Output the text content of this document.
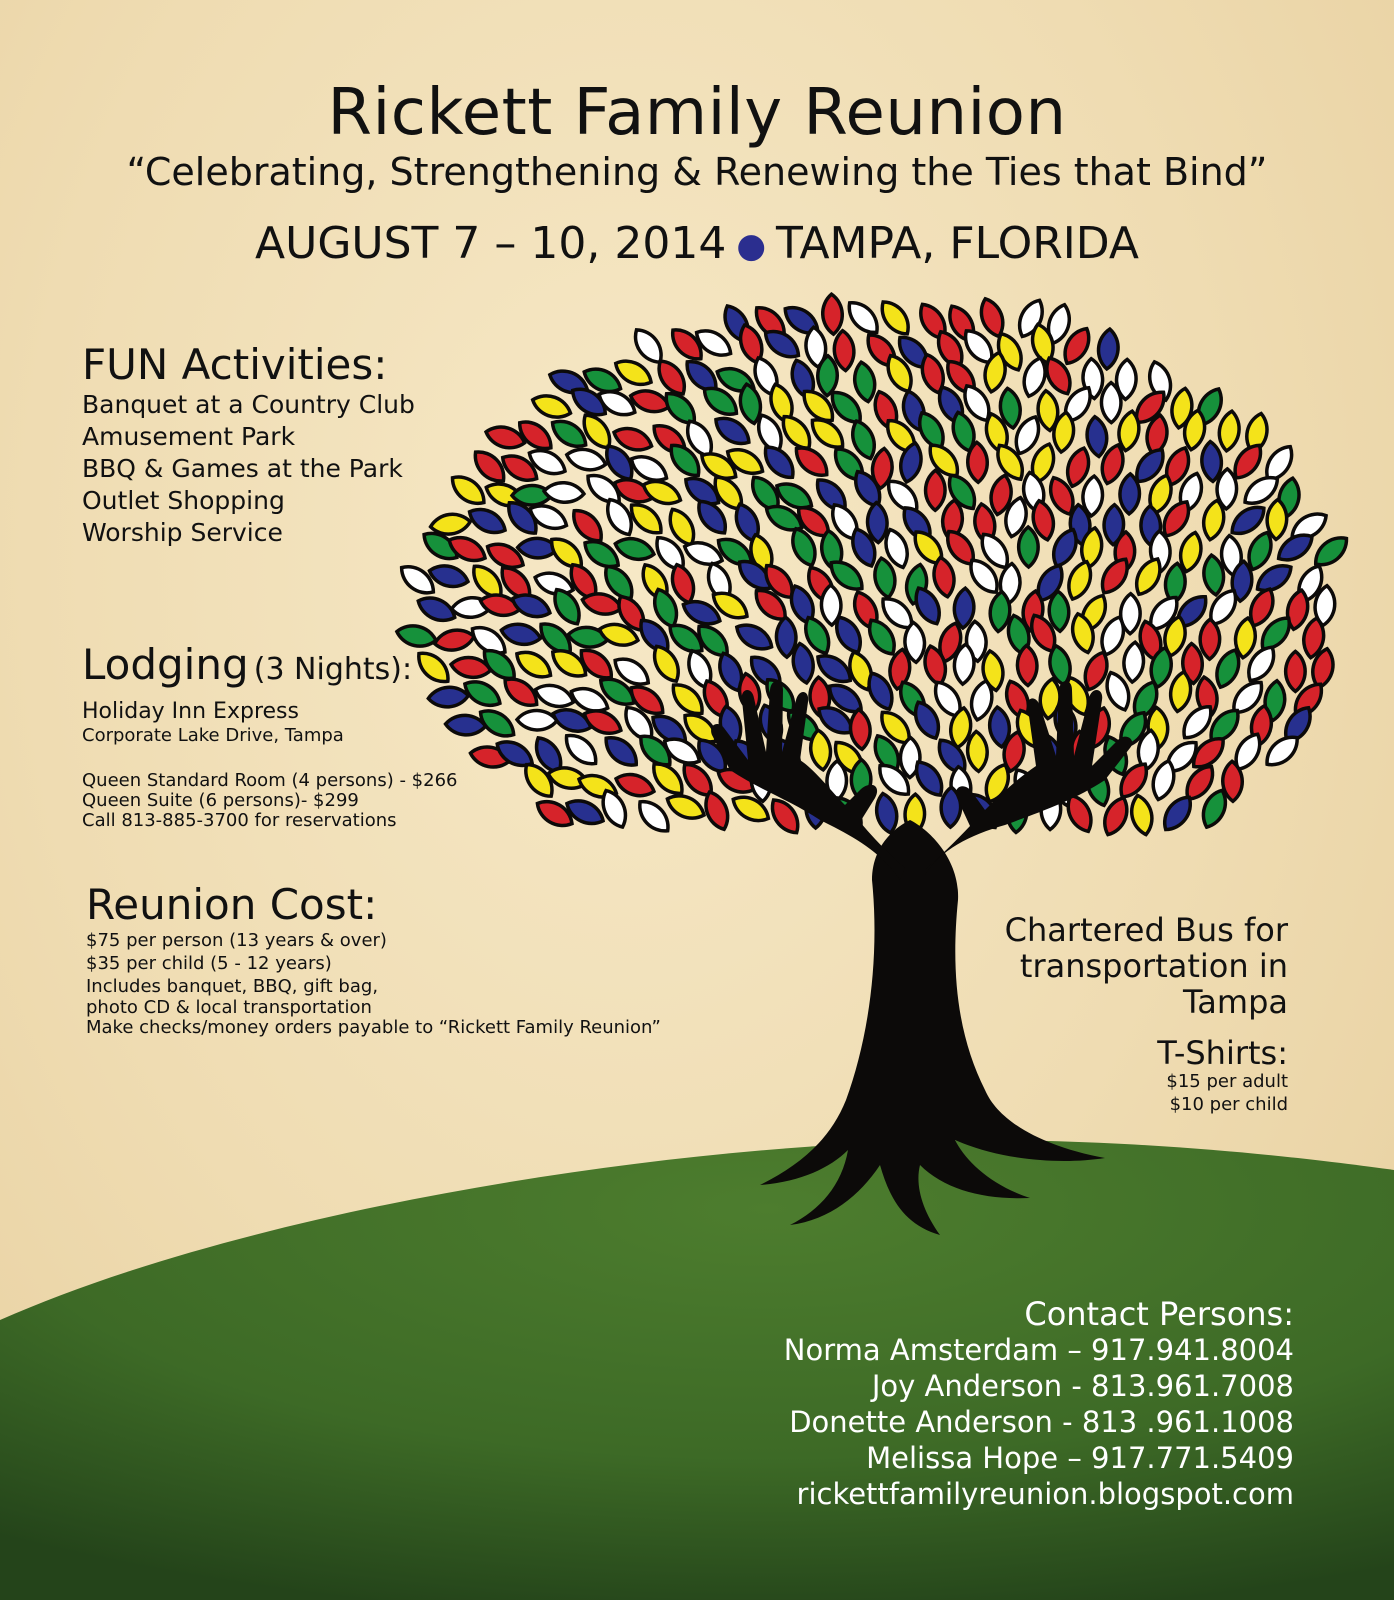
Rickett Family Reunion
“Celebrating, Strengthening & Renewing the Ties that Bind”
AUGUST 7 – 10, 2014 ● TAMPA, FLORIDA
FUN Activities:
Banquet at a Country Club
Amusement Park
BBQ & Games at the Park
Outlet Shopping
Worship Service
Lodging (3 Nights):
Holiday Inn Express
Corporate Lake Drive, Tampa
Queen Standard Room (4 persons) - $266
Queen Suite (6 persons)- $299
Call 813-885-3700 for reservations
Reunion Cost:
$75 per person (13 years & over)
$35 per child (5 - 12 years)
Includes banquet, BBQ, gift bag,
photo CD & local transportation
Make checks/money orders payable to “Rickett Family Reunion”
Chartered Bus for
transportation in
Tampa
T-Shirts:
$15 per adult
$10 per child
Contact Persons:
Norma Amsterdam – 917.941.8004
Joy Anderson - 813.961.7008
Donette Anderson - 813 .961.1008
Melissa Hope – 917.771.5409
rickettfamilyreunion.blogspot.com
